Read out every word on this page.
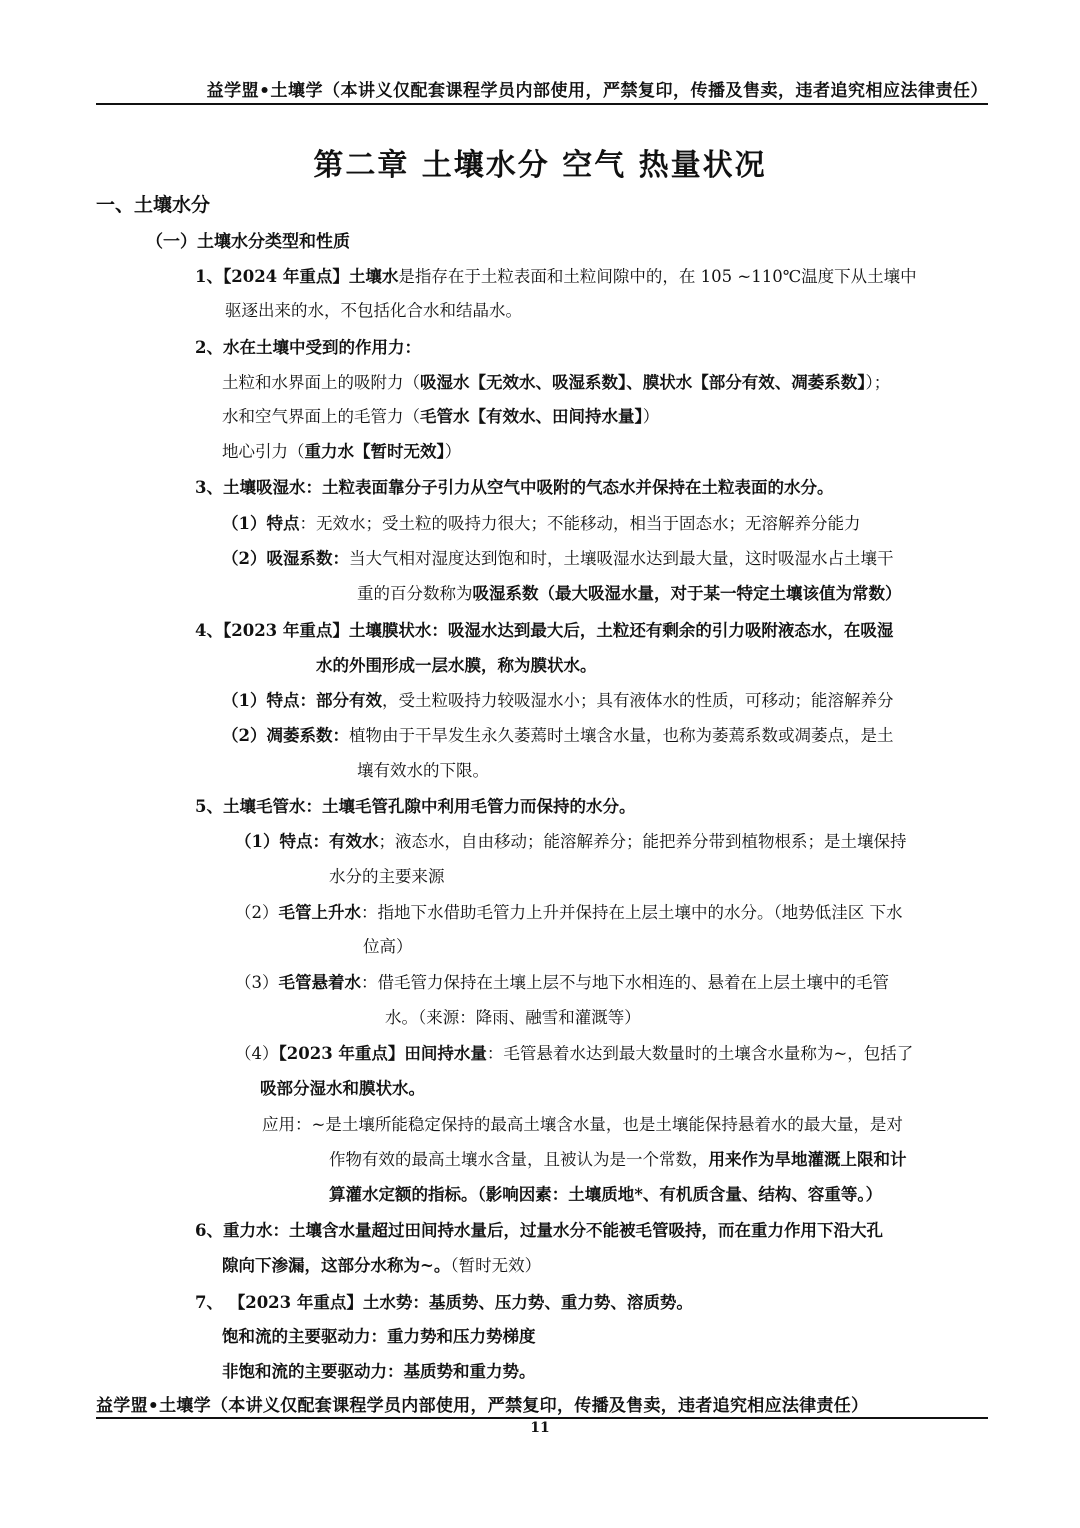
益学盟•土壤学（本讲义仅配套课程学员内部使用，严禁复印，传播及售卖，违者追究相应法律责任）
第二章 土壤水分 空气 热量状况
一、土壤水分
（一）土壤水分类型和性质
1、【2024 年重点】土壤水是指存在于土粒表面和土粒间隙中的，在 105 ~110℃温度下从土壤中
驱逐出来的水，不包括化合水和结晶水。
2、水在土壤中受到的作用力：
土粒和水界面上的吸附力（吸湿水【无效水、吸湿系数】、膜状水【部分有效、凋萎系数】）；
水和空气界面上的毛管力（毛管水【有效水、田间持水量】）
地心引力（重力水【暂时无效】）
3、土壤吸湿水：土粒表面靠分子引力从空气中吸附的气态水并保持在土粒表面的水分。
（1）特点：无效水；受土粒的吸持力很大；不能移动，相当于固态水；无溶解养分能力
（2）吸湿系数：当大气相对湿度达到饱和时，土壤吸湿水达到最大量，这时吸湿水占土壤干
重的百分数称为吸湿系数（最大吸湿水量，对于某一特定土壤该值为常数）
4、【2023 年重点】土壤膜状水：吸湿水达到最大后，土粒还有剩余的引力吸附液态水，在吸湿
水的外围形成一层水膜，称为膜状水。
（1）特点：部分有效，受土粒吸持力较吸湿水小；具有液体水的性质，可移动；能溶解养分
（2）凋萎系数：植物由于干旱发生永久萎蔫时土壤含水量，也称为萎蔫系数或凋萎点，是土
壤有效水的下限。
5、土壤毛管水：土壤毛管孔隙中利用毛管力而保持的水分。
（1）特点：有效水；液态水，自由移动；能溶解养分；能把养分带到植物根系；是土壤保持
水分的主要来源
（2）毛管上升水：指地下水借助毛管力上升并保持在上层土壤中的水分。（地势低洼区 下水
位高）
（3）毛管悬着水：借毛管力保持在土壤上层不与地下水相连的、悬着在上层土壤中的毛管
水。（来源：降雨、融雪和灌溉等）
（4）【2023 年重点】田间持水量：毛管悬着水达到最大数量时的土壤含水量称为~，包括了
吸部分湿水和膜状水。
应用：~是土壤所能稳定保持的最高土壤含水量，也是土壤能保持悬着水的最大量，是对
作物有效的最高土壤水含量，且被认为是一个常数，用来作为旱地灌溉上限和计
算灌水定额的指标。（影响因素：土壤质地*、有机质含量、结构、容重等。）
6、重力水：土壤含水量超过田间持水量后，过量水分不能被毛管吸持，而在重力作用下沿大孔
隙向下渗漏，这部分水称为~。（暂时无效）
7、 【2023 年重点】土水势：基质势、压力势、重力势、溶质势。
饱和流的主要驱动力：重力势和压力势梯度
非饱和流的主要驱动力：基质势和重力势。
益学盟•土壤学（本讲义仅配套课程学员内部使用，严禁复印，传播及售卖，违者追究相应法律责任）
11
